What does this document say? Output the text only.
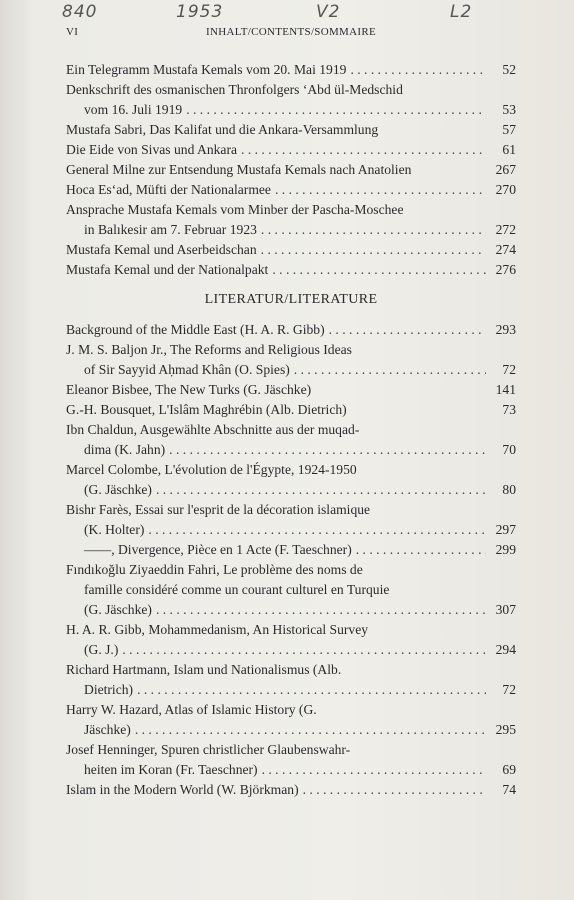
840	1953	V2	L2
VI	INHALT/CONTENTS/SOMMAIRE
Ein Telegramm Mustafa Kemals vom 20. Mai 1919 . . .	52
Denkschrift des osmanischen Thronfolgers ‘Abd ül-Medschid
vom 16. Juli 1919 . . .	53
Mustafa Sabri, Das Kalifat und die Ankara-Versammlung	57
Die Eide von Sivas und Ankara . . .	61
General Milne zur Entsendung Mustafa Kemals nach Anatolien	267
Hoca Es‘ad, Müfti der Nationalarmee . . .	270
Ansprache Mustafa Kemals vom Minber der Pascha-Moschee
in Balıkesir am 7. Februar 1923 . . .	272
Mustafa Kemal und Aserbeidschan . . .	274
Mustafa Kemal und der Nationalpakt . . .	276
LITERATUR/LITERATURE
Background of the Middle East (H. A. R. Gibb) . . .	293
J. M. S. Baljon Jr., The Reforms and Religious Ideas
of Sir Sayyid Aḥmad Khân (O. Spies) . . .	72
Eleanor Bisbee, The New Turks (G. Jäschke)	141
G.-H. Bousquet, L'Islâm Maghrébin (Alb. Dietrich)	73
Ibn Chaldun, Ausgewählte Abschnitte aus der muqad-
dima (K. Jahn) . . .	70
Marcel Colombe, L'évolution de l'Égypte, 1924-1950
(G. Jäschke) . . .	80
Bishr Farès, Essai sur l'esprit de la décoration islamique
(K. Holter) . . .	297
——, Divergence, Pièce en 1 Acte (F. Taeschner) . . .	299
Fındıkoğlu Ziyaeddin Fahri, Le problème des noms de
famille considéré comme un courant culturel en Turquie
(G. Jäschke) . . .	307
H. A. R. Gibb, Mohammedanism, An Historical Survey
(G. J.) . . .	294
Richard Hartmann, Islam und Nationalismus (Alb.
Dietrich) . . .	72
Harry W. Hazard, Atlas of Islamic History (G.
Jäschke) . . .	295
Josef Henninger, Spuren christlicher Glaubenswahr-
heiten im Koran (Fr. Taeschner) . . .	69
Islam in the Modern World (W. Björkman) . . .	74
